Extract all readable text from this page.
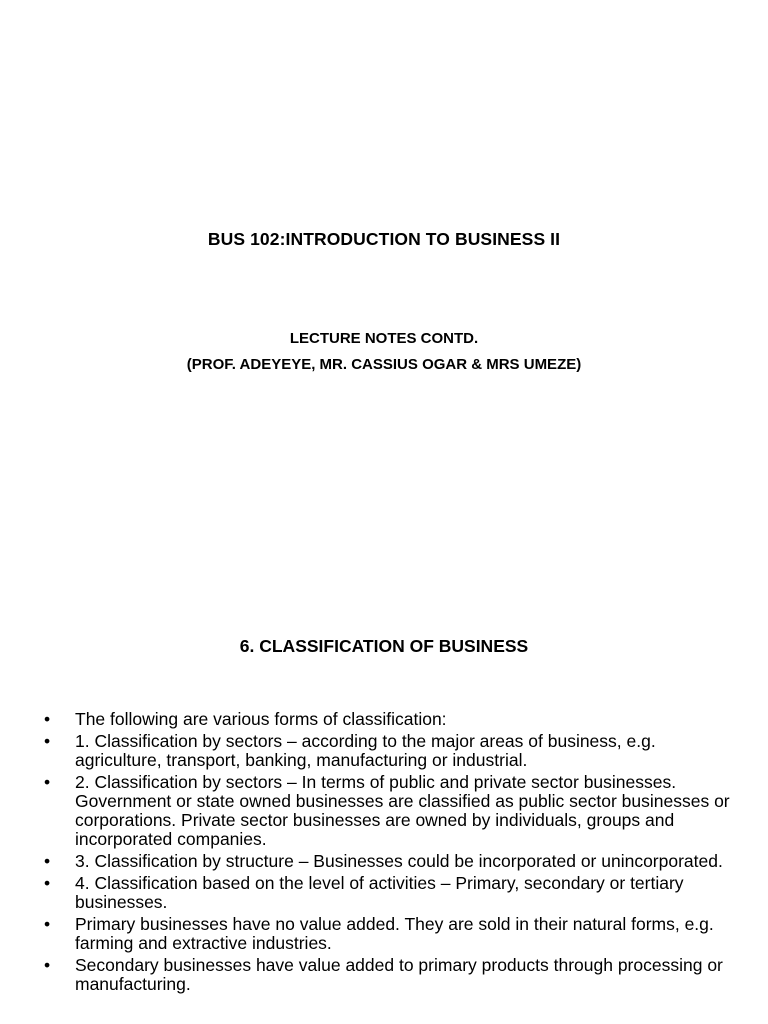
BUS 102:INTRODUCTION TO BUSINESS II
LECTURE NOTES CONTD.
(PROF. ADEYEYE, MR. CASSIUS OGAR & MRS UMEZE)
6. CLASSIFICATION OF BUSINESS
• The following are various forms of classification:
• 1. Classification by sectors – according to the major areas of business, e.g. agriculture, transport, banking, manufacturing or industrial.
• 2. Classification by sectors – In terms of public and private sector businesses. Government or state owned businesses are classified as public sector businesses or corporations. Private sector businesses are owned by individuals, groups and incorporated companies.
• 3. Classification by structure – Businesses could be incorporated or unincorporated.
• 4. Classification based on the level of activities – Primary, secondary or tertiary businesses.
• Primary businesses have no value added. They are sold in their natural forms, e.g. farming and extractive industries.
• Secondary businesses have value added to primary products through processing or manufacturing.
